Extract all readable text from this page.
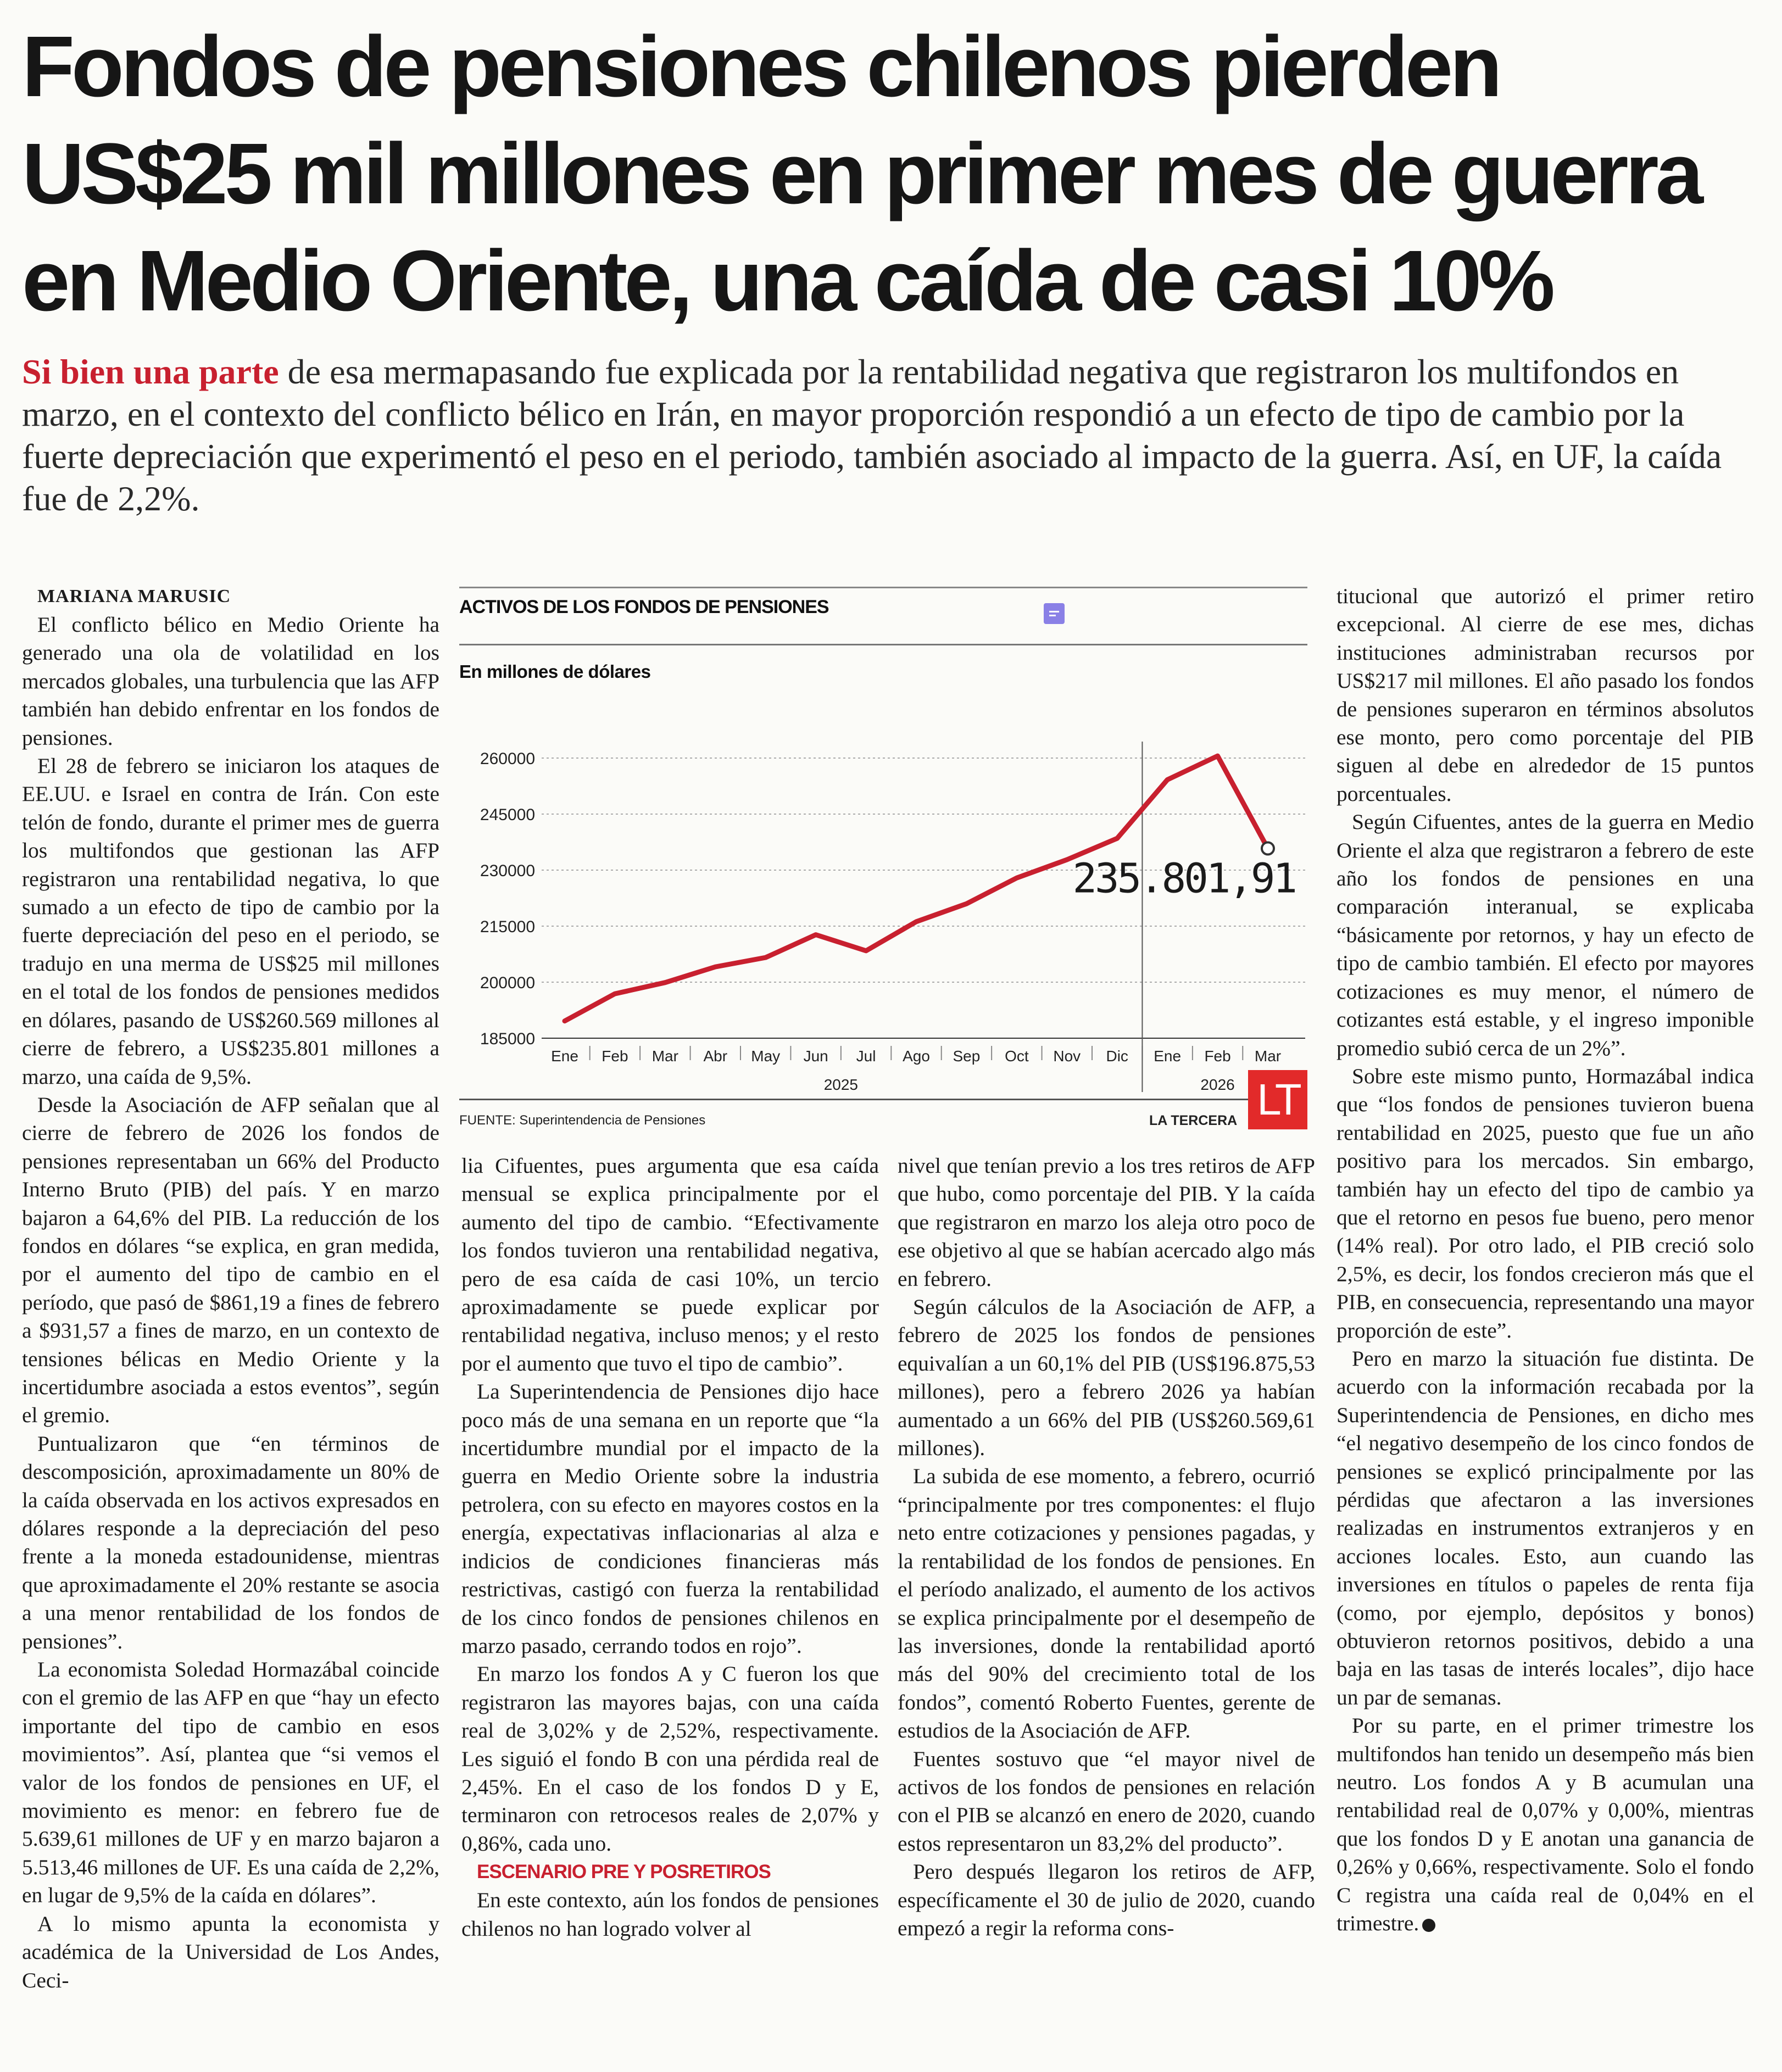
Fondos de pensiones chilenos pierden
US$25 mil millones en primer mes de guerra
en Medio Oriente, una caída de casi 10%

Si bien una parte de esa mermapasando fue explicada por la rentabilidad negativa que registraron los multifondos en marzo, en el contexto del conflicto bélico en Irán, en mayor proporción respondió a un efecto de tipo de cambio por la fuerte depreciación que experimentó el peso en el periodo, también asociado al impacto de la guerra. Así, en UF, la caída fue de 2,2%.

MARIANA MARUSIC

El conflicto bélico en Medio Oriente ha generado una ola de volatilidad en los mercados globales, una turbulencia que las AFP también han debido enfrentar en los fondos de pensiones.

El 28 de febrero se iniciaron los ataques de EE.UU. e Israel en contra de Irán. Con este telón de fondo, durante el primer mes de guerra los multifondos que gestionan las AFP registraron una rentabilidad negativa, lo que sumado a un efecto de tipo de cambio por la fuerte depreciación del peso en el periodo, se tradujo en una merma de US$25 mil millones en el total de los fondos de pensiones medidos en dólares, pasando de US$260.569 millones al cierre de febrero, a US$235.801 millones a marzo, una caída de 9,5%.

Desde la Asociación de AFP señalan que al cierre de febrero de 2026 los fondos de pensiones representaban un 66% del Producto Interno Bruto (PIB) del país. Y en marzo bajaron a 64,6% del PIB. La reducción de los fondos en dólares “se explica, en gran medida, por el aumento del tipo de cambio en el período, que pasó de $861,19 a fines de febrero a $931,57 a fines de marzo, en un contexto de tensiones bélicas en Medio Oriente y la incertidumbre asociada a estos eventos”, según el gremio.

Puntualizaron que “en términos de descomposición, aproximadamente un 80% de la caída observada en los activos expresados en dólares responde a la depreciación del peso frente a la moneda estadounidense, mientras que aproximadamente el 20% restante se asocia a una menor rentabilidad de los fondos de pensiones”.

La economista Soledad Hormazábal coincide con el gremio de las AFP en que “hay un efecto importante del tipo de cambio en esos movimientos”. Así, plantea que “si vemos el valor de los fondos de pensiones en UF, el movimiento es menor: en febrero fue de 5.639,61 millones de UF y en marzo bajaron a 5.513,46 millones de UF. Es una caída de 2,2%, en lugar de 9,5% de la caída en dólares”.

A lo mismo apunta la economista y académica de la Universidad de Los Andes, Ceci-

ACTIVOS DE LOS FONDOS DE PENSIONES
En millones de dólares
260000
245000
230000
215000
200000
185000
Ene Feb Mar Abr May Jun Jul Ago Sep Oct Nov Dic Ene Feb Mar
2025	2026
235.801,91
FUENTE: Superintendencia de Pensiones	LA TERCERA LT

lia Cifuentes, pues argumenta que esa caída mensual se explica principalmente por el aumento del tipo de cambio. “Efectivamente los fondos tuvieron una rentabilidad negativa, pero de esa caída de casi 10%, un tercio aproximadamente se puede explicar por rentabilidad negativa, incluso menos; y el resto por el aumento que tuvo el tipo de cambio”.

La Superintendencia de Pensiones dijo hace poco más de una semana en un reporte que “la incertidumbre mundial por el impacto de la guerra en Medio Oriente sobre la industria petrolera, con su efecto en mayores costos en la energía, expectativas inflacionarias al alza e indicios de condiciones financieras más restrictivas, castigó con fuerza la rentabilidad de los cinco fondos de pensiones chilenos en marzo pasado, cerrando todos en rojo”.

En marzo los fondos A y C fueron los que registraron las mayores bajas, con una caída real de 3,02% y de 2,52%, respectivamente. Les siguió el fondo B con una pérdida real de 2,45%. En el caso de los fondos D y E, terminaron con retrocesos reales de 2,07% y 0,86%, cada uno.

ESCENARIO PRE Y POSRETIROS

En este contexto, aún los fondos de pensiones chilenos no han logrado volver al

nivel que tenían previo a los tres retiros de AFP que hubo, como porcentaje del PIB. Y la caída que registraron en marzo los aleja otro poco de ese objetivo al que se habían acercado algo más en febrero.

Según cálculos de la Asociación de AFP, a febrero de 2025 los fondos de pensiones equivalían a un 60,1% del PIB (US$196.875,53 millones), pero a febrero 2026 ya habían aumentado a un 66% del PIB (US$260.569,61 millones).

La subida de ese momento, a febrero, ocurrió “principalmente por tres componentes: el flujo neto entre cotizaciones y pensiones pagadas, y la rentabilidad de los fondos de pensiones. En el período analizado, el aumento de los activos se explica principalmente por el desempeño de las inversiones, donde la rentabilidad aportó más del 90% del crecimiento total de los fondos”, comentó Roberto Fuentes, gerente de estudios de la Asociación de AFP.

Fuentes sostuvo que “el mayor nivel de activos de los fondos de pensiones en relación con el PIB se alcanzó en enero de 2020, cuando estos representaron un 83,2% del producto”.

Pero después llegaron los retiros de AFP, específicamente el 30 de julio de 2020, cuando empezó a regir la reforma cons-

titucional que autorizó el primer retiro excepcional. Al cierre de ese mes, dichas instituciones administraban recursos por US$217 mil millones. El año pasado los fondos de pensiones superaron en términos absolutos ese monto, pero como porcentaje del PIB siguen al debe en alrededor de 15 puntos porcentuales.

Según Cifuentes, antes de la guerra en Medio Oriente el alza que registraron a febrero de este año los fondos de pensiones en una comparación interanual, se explicaba “básicamente por retornos, y hay un efecto de tipo de cambio también. El efecto por mayores cotizaciones es muy menor, el número de cotizantes está estable, y el ingreso imponible promedio subió cerca de un 2%”.

Sobre este mismo punto, Hormazábal indica que “los fondos de pensiones tuvieron buena rentabilidad en 2025, puesto que fue un año positivo para los mercados. Sin embargo, también hay un efecto del tipo de cambio ya que el retorno en pesos fue bueno, pero menor (14% real). Por otro lado, el PIB creció solo 2,5%, es decir, los fondos crecieron más que el PIB, en consecuencia, representando una mayor proporción de este”.

Pero en marzo la situación fue distinta. De acuerdo con la información recabada por la Superintendencia de Pensiones, en dicho mes “el negativo desempeño de los cinco fondos de pensiones se explicó principalmente por las pérdidas que afectaron a las inversiones realizadas en instrumentos extranjeros y en acciones locales. Esto, aun cuando las inversiones en títulos o papeles de renta fija (como, por ejemplo, depósitos y bonos) obtuvieron retornos positivos, debido a una baja en las tasas de interés locales”, dijo hace un par de semanas.

Por su parte, en el primer trimestre los multifondos han tenido un desempeño más bien neutro. Los fondos A y B acumulan una rentabilidad real de 0,07% y 0,00%, mientras que los fondos D y E anotan una ganancia de 0,26% y 0,66%, respectivamente. Solo el fondo C registra una caída real de 0,04% en el trimestre.
